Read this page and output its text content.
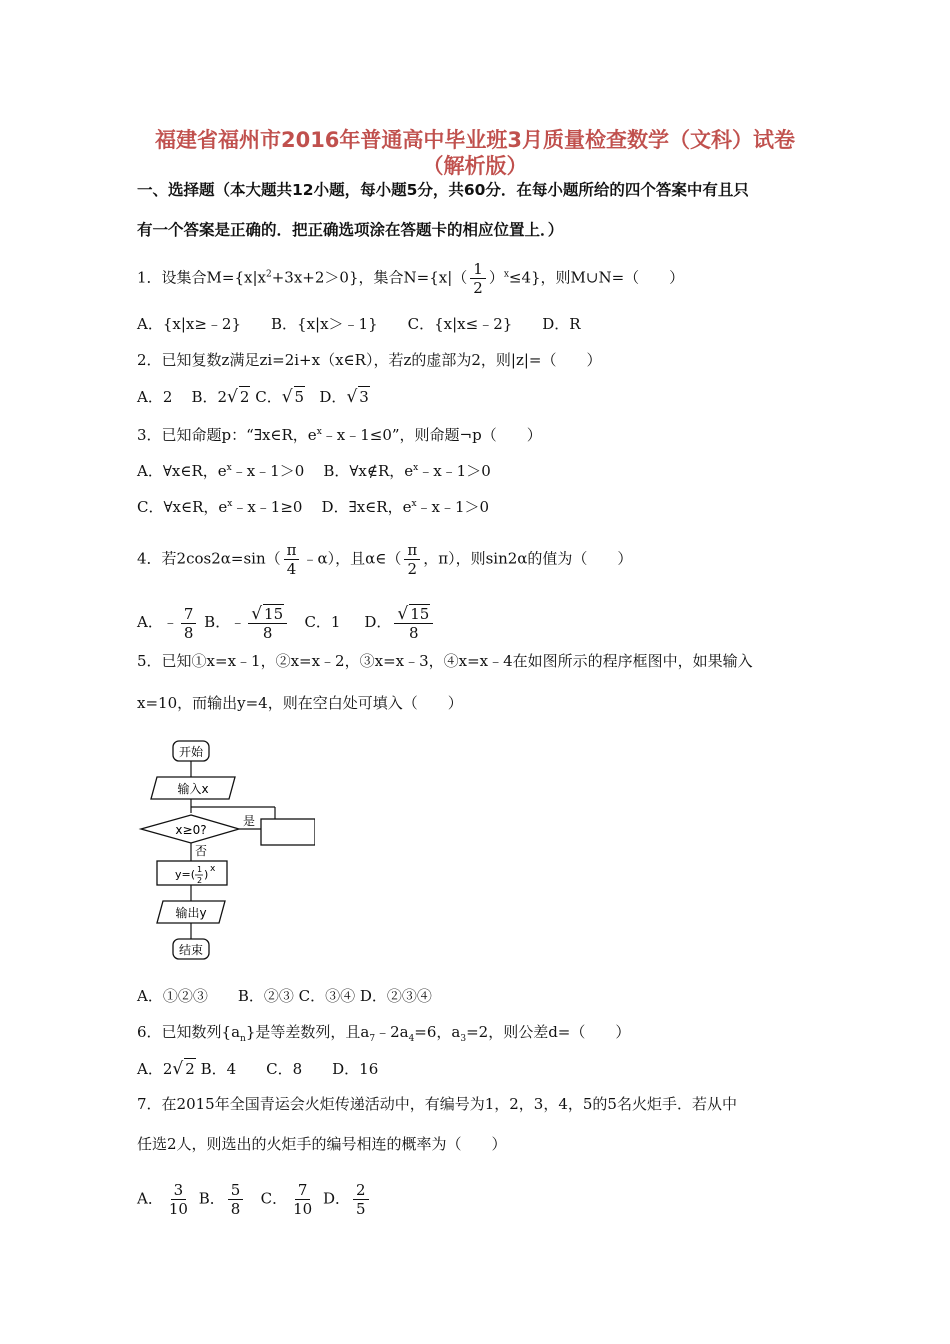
福建省福州市2016年普通高中毕业班3月质量检查数学（文科）试卷
（解析版）
一、选择题（本大题共12小题，每小题5分，共60分．在每小题所给的四个答案中有且只
有一个答案是正确的．把正确选项涂在答题卡的相应位置上．）
1．设集合$M=\{x|x^2+3x+2>0\}$，集合$N=\{x|( \frac{1}{2} )^x\le 4\}$，则M∪N=（　　）
A．{x|x≥﹣2}　　B．{x|x＞﹣1}　　C．{x|x≤﹣2}　　D．R
2．已知复数z满足zi=2i+x（x∈R），若z的虚部为2，则|z|=（　　）
A．2 B．2√ 2 C．√ 5 D．√ 3
3．已知命题p：“∃x∈R，$e^x﹣x﹣1\le 0$”，则命题¬p（　　）
A．∀x∈R，$e^x﹣x﹣1>0$ B．∀x∉R，$e^x﹣x﹣1>0$
C．∀x∈R，$e^x﹣x﹣1\ge 0$ D．∃x∈R，$e^x﹣x﹣1>0$
4．若$2\cos 2\alpha=\sin( \frac{\pi}{4}$ ﹣α），且α∈（ $\frac{\pi}{2}$ ，π），则sin2α的值为（　　）
A．﹣ $\frac{7}{8}$ B．﹣ $\frac{√ 15}{8}$ C．1 D． $\frac{√ 15}{8}$
5．已知①x=x﹣1，②x=x﹣2，③x=x﹣3，④x=x﹣4在如图所示的程序框图中，如果输入
x=10，而输出y=4，则在空白处可填入（　　）
开始
输入x
x≥0?
是
否
y=( 1
2 ) x
输出y
结束
A．①②③　　B．②③ C．③④ D．②③④
6．已知数列$\{a_n\}$是等差数列，且$a_7﹣2a_4=6$，$a_3=2$，则公差d=（　　）
A．2√ 2 B．4　　C．8　　D．16
7．在2015年全国青运会火炬传递活动中，有编号为1，2，3，4，5的5名火炬手．若从中
任选2人，则选出的火炬手的编号相连的概率为（　　）
A． $\frac{3}{10}$ B． $\frac{5}{8}$ C． $\frac{7}{10}$ D． $\frac{2}{5}$
